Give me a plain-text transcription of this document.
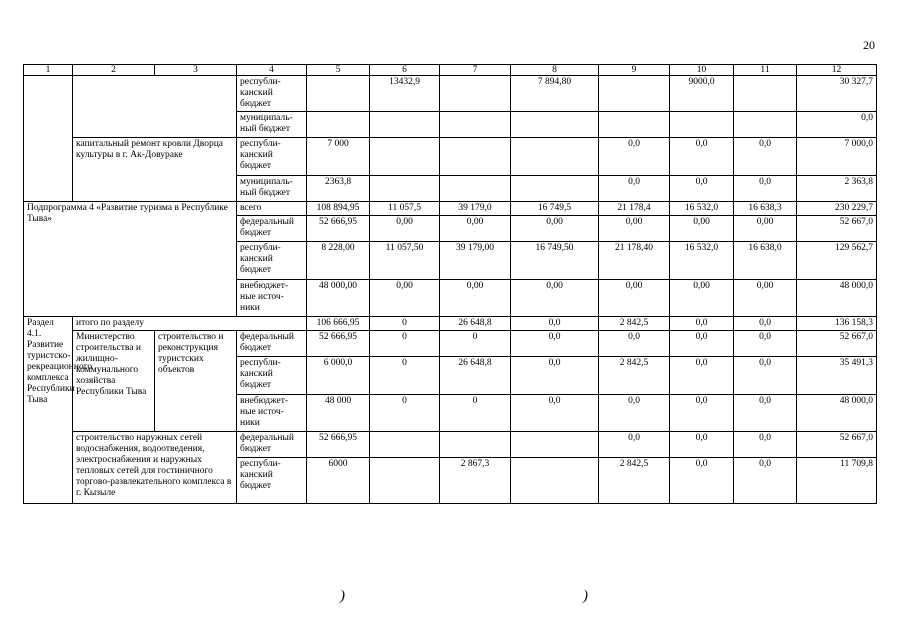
20
1	2	3	4	5	6	7	8	9	10	11	12
			республи-
канский
бюджет		13432,9		7 894,80		9000,0		30 327,7
			муниципаль-
ный бюджет								0,0
	капитальный ремонт кровли Дворца культуры в г. Ак-Довураке		республи-
канский
бюджет	7 000				0,0	0,0	0,0	7 000,0
			муниципаль-
ный бюджет	2363,8				0,0	0,0	0,0	2 363,8
Подпрограмма 4 «Развитие туризма в Республике Тыва»			всего	108 894,95	11 057,5	39 179,0	16 749,5	21 178,4	16 532,0	16 638,3	230 229,7
			федеральный
бюджет	52 666,95	0,00	0,00	0,00	0,00	0,00	0,00	52 667,0
			республи-
канский
бюджет	8 228,00	11 057,50	39 179,00	16 749,50	21 178,40	16 532,0	16 638,0	129 562,7
			внебюджет-
ные источ-
ники	48 000,00	0,00	0,00	0,00	0,00	0,00	0,00	48 000,0
Раздел 4.1. Развитие туристско-рекреационного комплекса Республики Тыва	итого по разделу			106 666,95	0	26 648,8	0,0	2 842,5	0,0	0,0	136 158,3
	Министерство строительства и жилищно-коммунального хозяйства Республики Тыва	строительство и реконструкция туристских объектов	федеральный
бюджет	52 666,95	0	0	0,0	0,0	0,0	0,0	52 667,0
			республи-
канский
бюджет	6 000,0	0	26 648,8	0,0	2 842,5	0,0	0,0	35 491,3
			внебюджет-
ные источ-
ники	48 000	0	0	0,0	0,0	0,0	0,0	48 000,0
	строительство наружных сетей водоснабжения, водоотведения, электроснабжения и наружных тепловых сетей для гостиничного торгово-развлекательного комплекса в г. Кызыле		федеральный
бюджет	52 666,95				0,0	0,0	0,0	52 667,0
			республи-
канский
бюджет	6000		2 867,3		2 842,5	0,0	0,0	11 709,8
)	)
